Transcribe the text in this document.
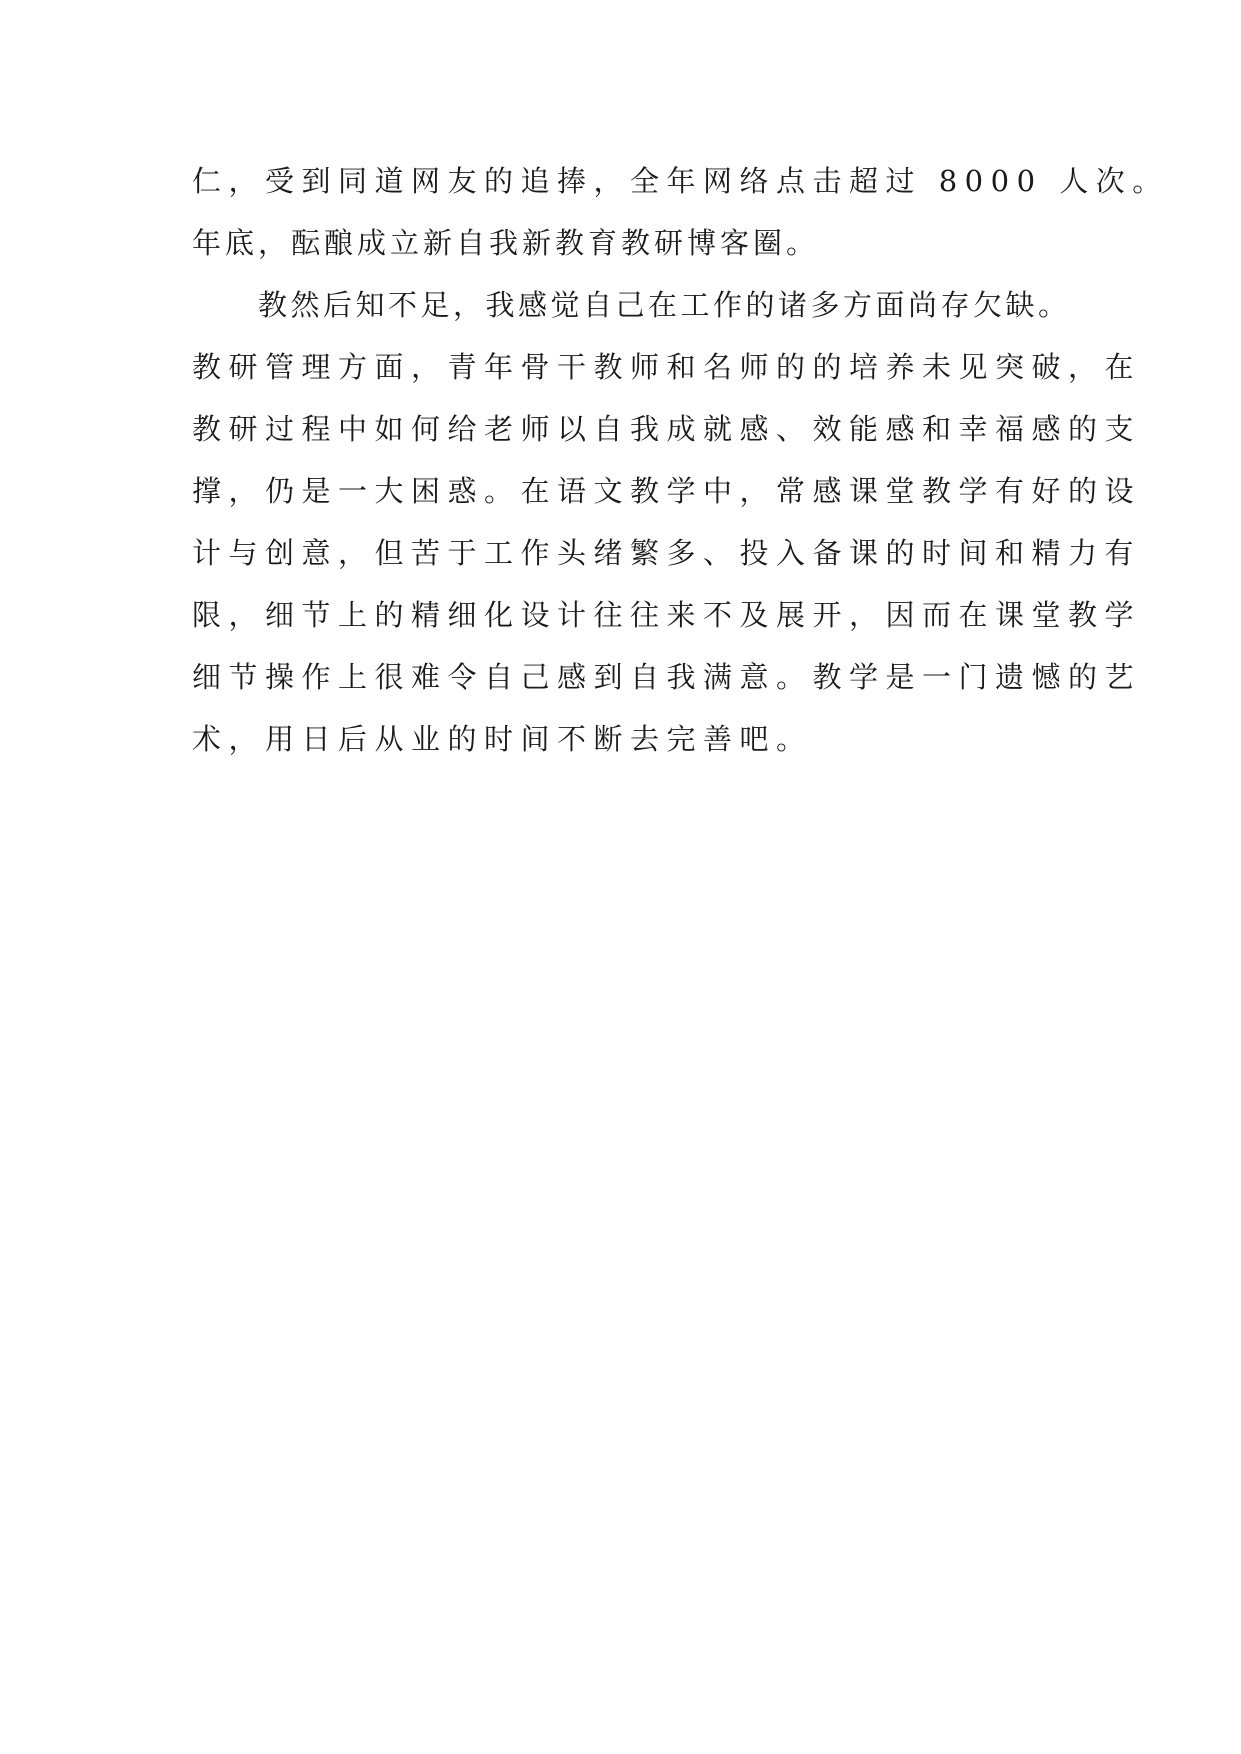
仁，受到同道网友的追捧，全年网络点击超过 8000 人次。
年底，酝酿成立新自我新教育教研博客圈。
教然后知不足，我感觉自己在工作的诸多方面尚存欠缺。
教研管理方面，青年骨干教师和名师的的培养未见突破，在
教研过程中如何给老师以自我成就感、效能感和幸福感的支
撑，仍是一大困惑。在语文教学中，常感课堂教学有好的设
计与创意，但苦于工作头绪繁多、投入备课的时间和精力有
限，细节上的精细化设计往往来不及展开，因而在课堂教学
细节操作上很难令自己感到自我满意。教学是一门遗憾的艺
术，用日后从业的时间不断去完善吧。
